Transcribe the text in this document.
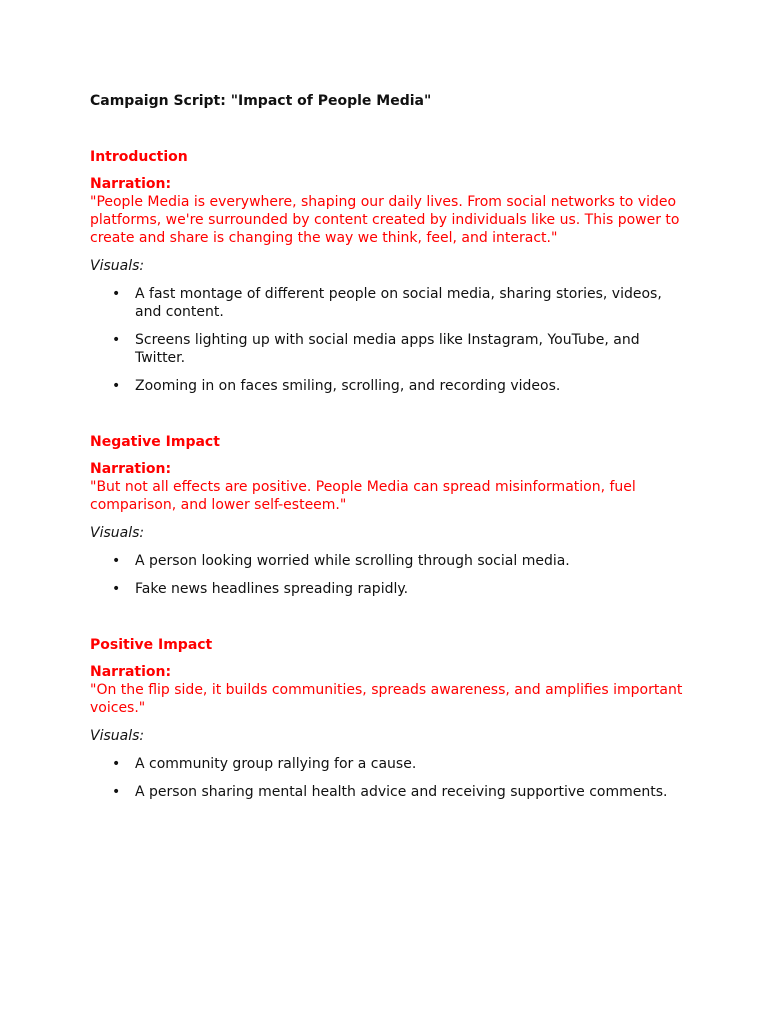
Campaign Script: "Impact of People Media"
Introduction
Narration:
"People Media is everywhere, shaping our daily lives. From social networks to video platforms, we're surrounded by content created by individuals like us. This power to create and share is changing the way we think, feel, and interact."
Visuals:
• A fast montage of different people on social media, sharing stories, videos, and content.
• Screens lighting up with social media apps like Instagram, YouTube, and Twitter.
• Zooming in on faces smiling, scrolling, and recording videos.
Negative Impact
Narration:
"But not all effects are positive. People Media can spread misinformation, fuel comparison, and lower self-esteem."
Visuals:
• A person looking worried while scrolling through social media.
• Fake news headlines spreading rapidly.
Positive Impact
Narration:
"On the flip side, it builds communities, spreads awareness, and amplifies important voices."
Visuals:
• A community group rallying for a cause.
• A person sharing mental health advice and receiving supportive comments.
